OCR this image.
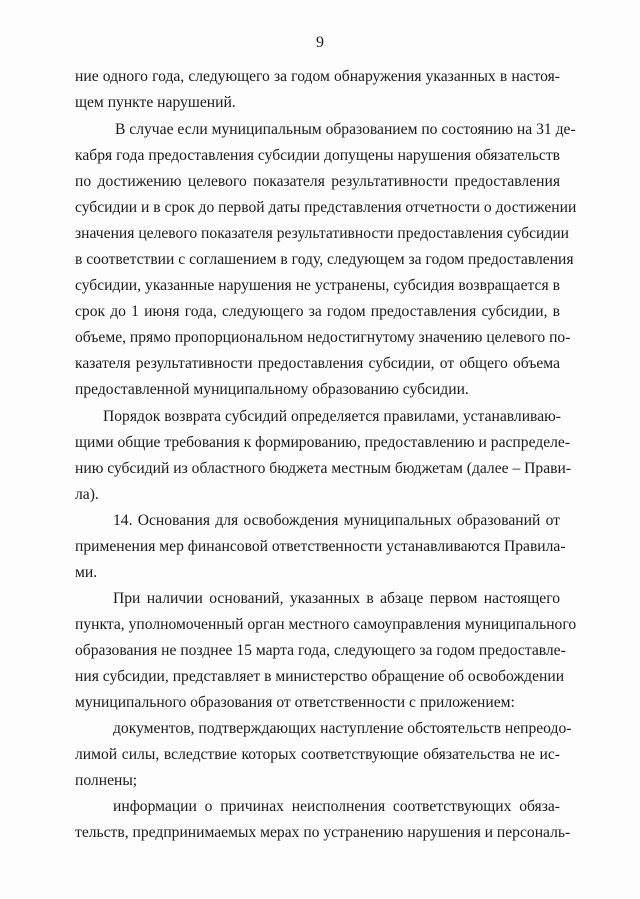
9
ние одного года, следующего за годом обнаружения указанных в настоя-
щем пункте нарушений.
В случае если муниципальным образованием по состоянию на 31 де-
кабря года предоставления субсидии допущены нарушения обязательств
по достижению целевого показателя результативности предоставления
субсидии и в срок до первой даты представления отчетности о достижении
значения целевого показателя результативности предоставления субсидии
в соответствии с соглашением в году, следующем за годом предоставления
субсидии, указанные нарушения не устранены, субсидия возвращается в
срок до 1 июня года, следующего за годом предоставления субсидии, в
объеме, прямо пропорциональном недостигнутому значению целевого по-
казателя результативности предоставления субсидии, от общего объема
предоставленной муниципальному образованию субсидии.
Порядок возврата субсидий определяется правилами, устанавливаю-
щими общие требования к формированию, предоставлению и распределе-
нию субсидий из областного бюджета местным бюджетам (далее – Прави-
ла).
14. Основания для освобождения муниципальных образований от
применения мер финансовой ответственности устанавливаются Правила-
ми.
При наличии оснований, указанных в абзаце первом настоящего
пункта, уполномоченный орган местного самоуправления муниципального
образования не позднее 15 марта года, следующего за годом предоставле-
ния субсидии, представляет в министерство обращение об освобождении
муниципального образования от ответственности с приложением:
документов, подтверждающих наступление обстоятельств непреодо-
лимой силы, вследствие которых соответствующие обязательства не ис-
полнены;
информации о причинах неисполнения соответствующих обяза-
тельств, предпринимаемых мерах по устранению нарушения и персональ-
